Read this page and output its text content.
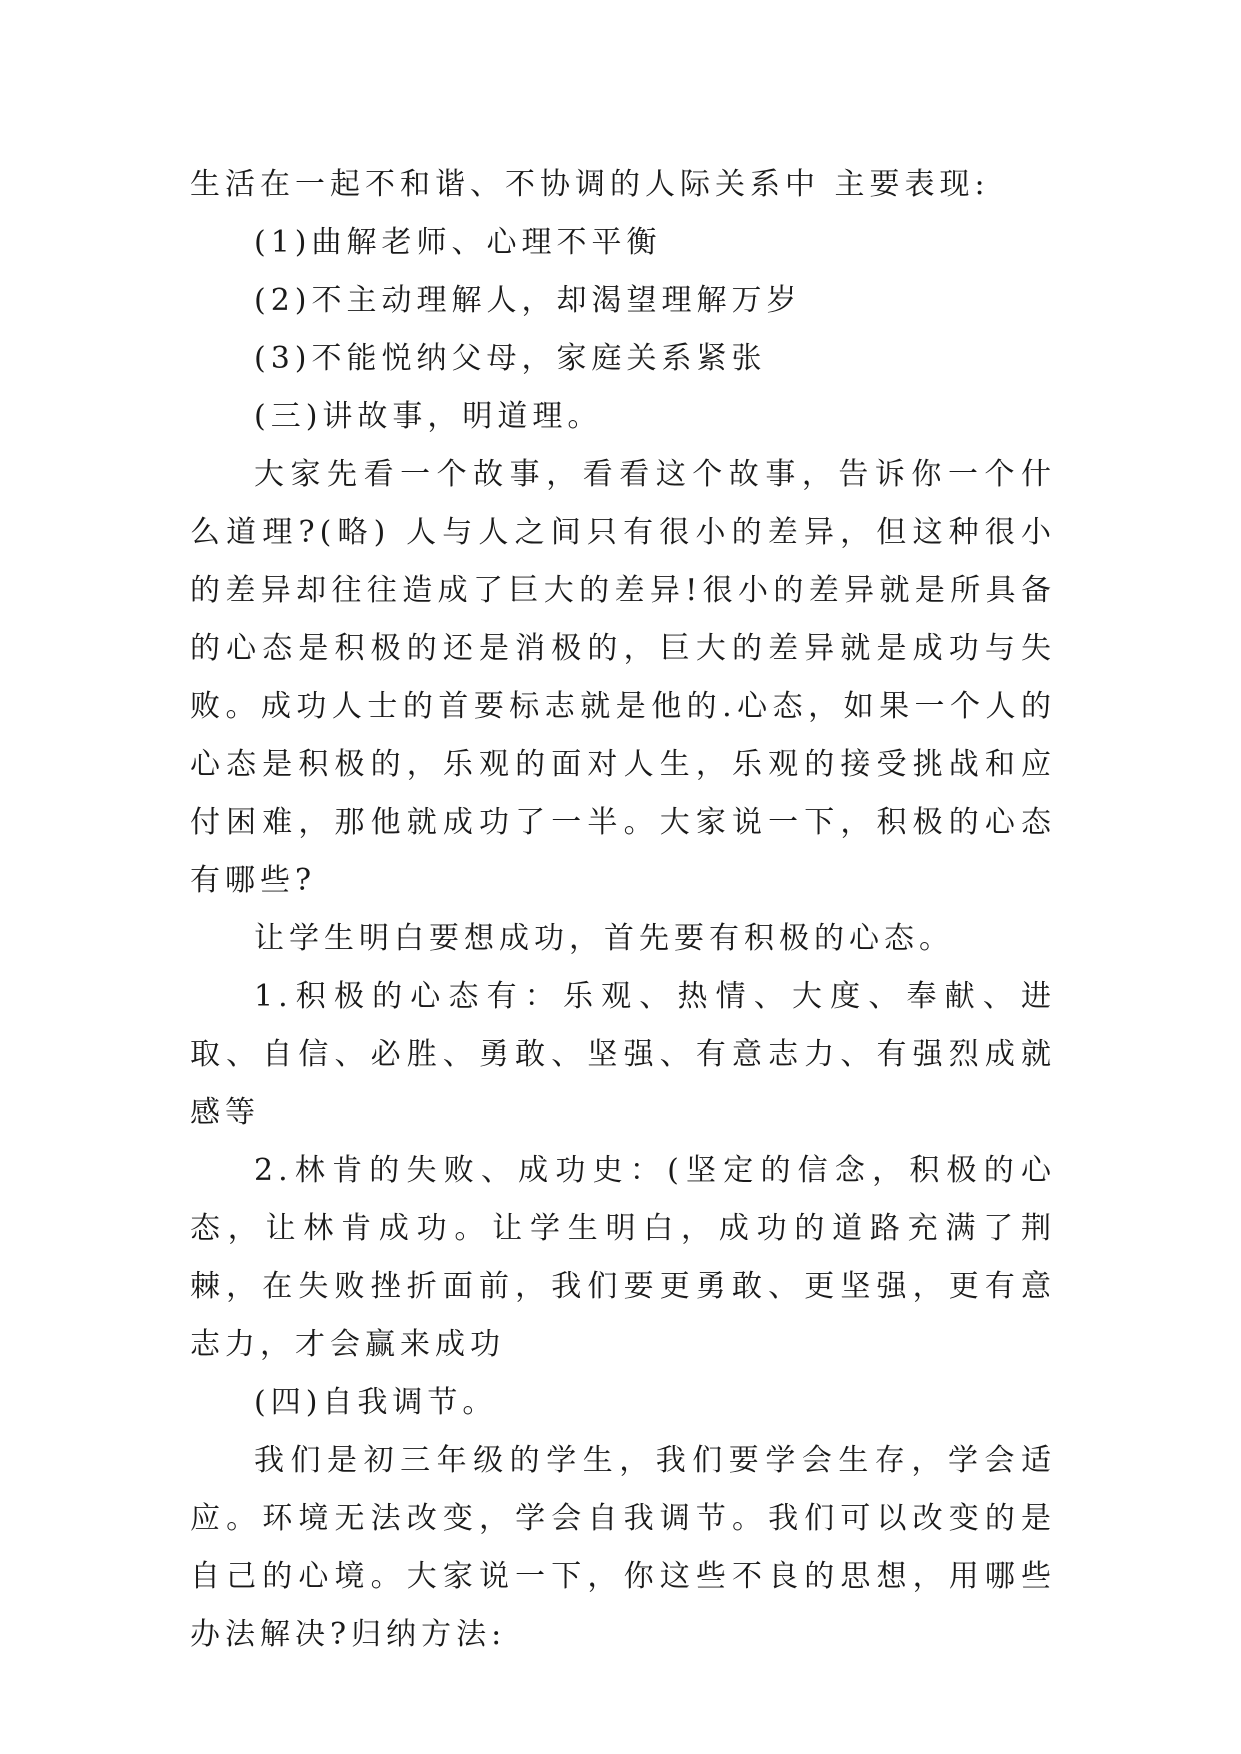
生活在一起不和谐、不协调的人际关系中 主要表现:

(1)曲解老师、心理不平衡

(2)不主动理解人，却渴望理解万岁

(3)不能悦纳父母，家庭关系紧张

(三)讲故事，明道理。

大家先看一个故事，看看这个故事，告诉你一个什么道理?(略) 人与人之间只有很小的差异，但这种很小的差异却往往造成了巨大的差异!很小的差异就是所具备的心态是积极的还是消极的，巨大的差异就是成功与失败。成功人士的首要标志就是他的.心态，如果一个人的心态是积极的，乐观的面对人生，乐观的接受挑战和应付困难，那他就成功了一半。大家说一下，积极的心态有哪些?

让学生明白要想成功，首先要有积极的心态。

1.积极的心态有：乐观、热情、大度、奉献、进取、自信、必胜、勇敢、坚强、有意志力、有强烈成就感等

2.林肯的失败、成功史：(坚定的信念，积极的心态，让林肯成功。让学生明白，成功的道路充满了荆棘，在失败挫折面前，我们要更勇敢、更坚强，更有意志力，才会赢来成功

(四)自我调节。

我们是初三年级的学生，我们要学会生存，学会适应。环境无法改变，学会自我调节。我们可以改变的是自己的心境。大家说一下，你这些不良的思想，用哪些办法解决?归纳方法:
